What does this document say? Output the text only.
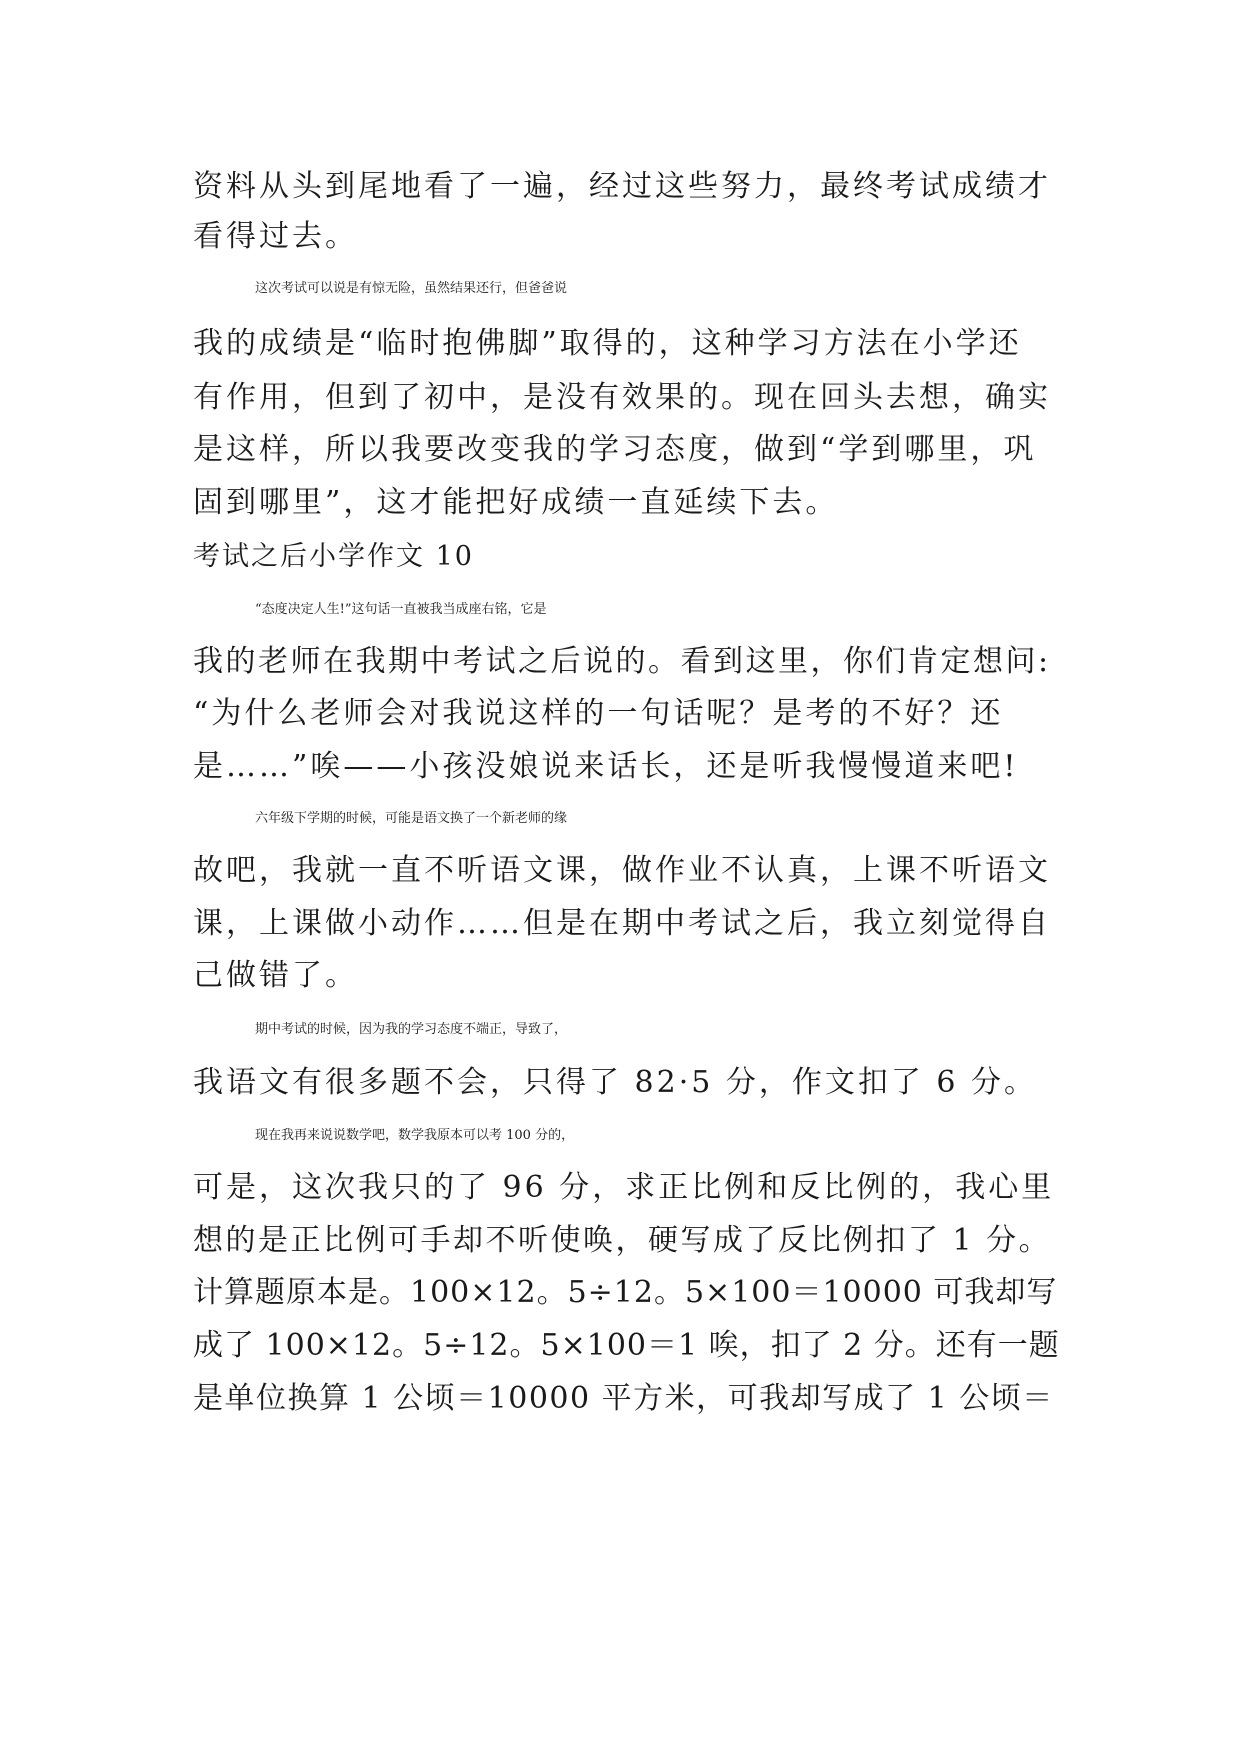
资料从头到尾地看了一遍，经过这些努力，最终考试成绩才
看得过去。
这次考试可以说是有惊无险，虽然结果还行，但爸爸说
我的成绩是“临时抱佛脚”取得的，这种学习方法在小学还
有作用，但到了初中，是没有效果的。现在回头去想，确实
是这样，所以我要改变我的学习态度，做到“学到哪里，巩
固到哪里”，这才能把好成绩一直延续下去。
考试之后小学作文 10
“态度决定人生!”这句话一直被我当成座右铭，它是
我的老师在我期中考试之后说的。看到这里，你们肯定想问:
“为什么老师会对我说这样的一句话呢？是考的不好？还
是……”唉——小孩没娘说来话长，还是听我慢慢道来吧!
六年级下学期的时候，可能是语文换了一个新老师的缘
故吧，我就一直不听语文课，做作业不认真，上课不听语文
课，上课做小动作……但是在期中考试之后，我立刻觉得自
己做错了。
期中考试的时候，因为我的学习态度不端正，导致了，
我语文有很多题不会，只得了 82·5 分，作文扣了 6 分。
现在我再来说说数学吧，数学我原本可以考 100 分的，
可是，这次我只的了 96 分，求正比例和反比例的，我心里
想的是正比例可手却不听使唤，硬写成了反比例扣了 1 分。
计算题原本是。100×12。5÷12。5×100＝10000 可我却写
成了 100×12。5÷12。5×100＝1 唉，扣了 2 分。还有一题
是单位换算 1 公顷＝10000 平方米，可我却写成了 1 公顷＝
